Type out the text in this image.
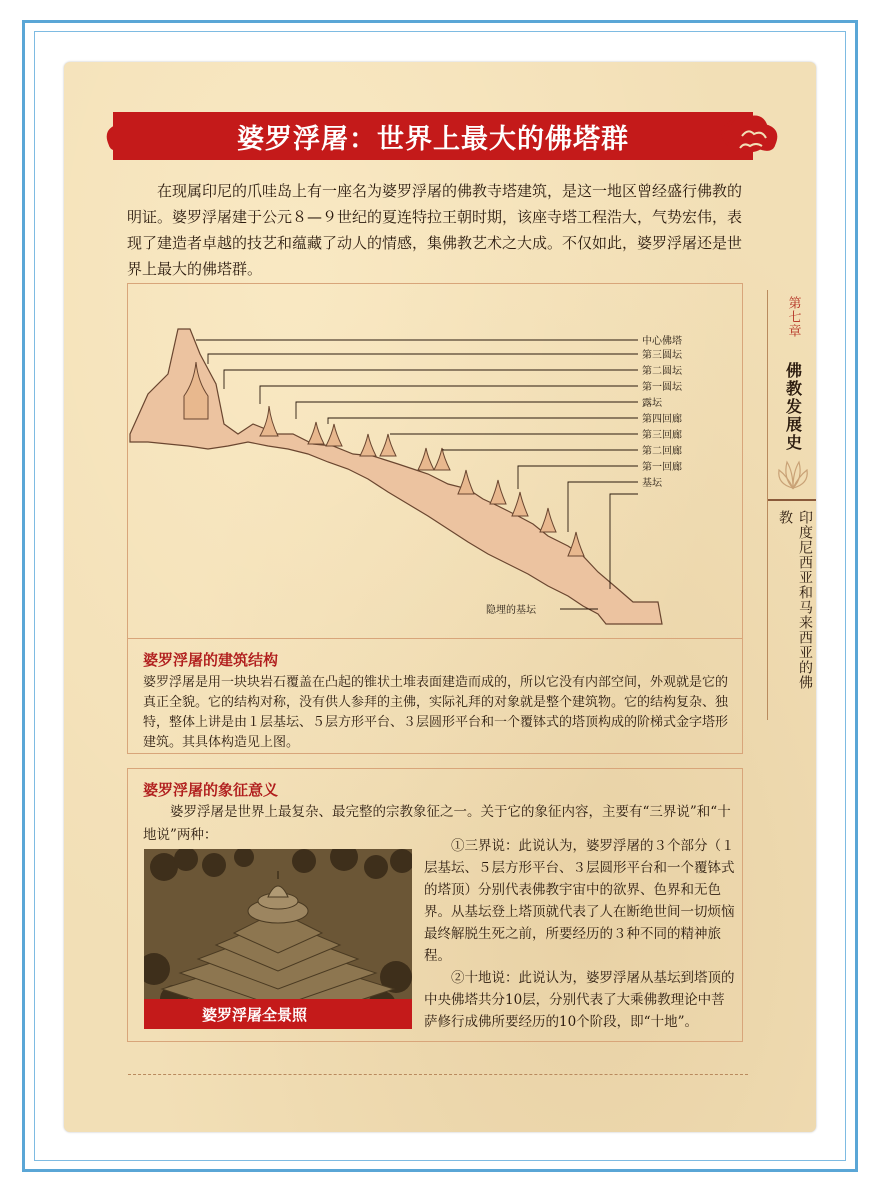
婆罗浮屠：世界上最大的佛塔群

在现属印尼的爪哇岛上有一座名为婆罗浮屠的佛教寺塔建筑，是这一地区曾经盛行佛教的明证。婆罗浮屠建于公元８—９世纪的夏连特拉王朝时期，该座寺塔工程浩大，气势宏伟，表现了建造者卓越的技艺和蕴藏了动人的情感，集佛教艺术之大成。不仅如此，婆罗浮屠还是世界上最大的佛塔群。

隐埋的基坛
中心佛塔
第三圆坛
第二圆坛
第一圆坛
露坛
第四回廊
第三回廊
第二回廊
第一回廊
基坛
第七章
佛教发展史
印度尼西亚和马来西亚的佛教
婆罗浮屠的建筑结构

婆罗浮屠是用一块块岩石覆盖在凸起的锥状土堆表面建造而成的，所以它没有内部空间，外观就是它的真正全貌。它的结构对称，没有供人参拜的主佛，实际礼拜的对象就是整个建筑物。它的结构复杂、独特，整体上讲是由１层基坛、５层方形平台、３层圆形平台和一个覆钵式的塔顶构成的阶梯式金字塔形建筑。其具体构造见上图。

婆罗浮屠的象征意义

婆罗浮屠是世界上最复杂、最完整的宗教象征之一。关于它的象征内容，主要有“三界说”和“十地说”两种：

婆罗浮屠全景照

①三界说：此说认为，婆罗浮屠的３个部分（１层基坛、５层方形平台、３层圆形平台和一个覆钵式的塔顶）分别代表佛教宇宙中的欲界、色界和无色界。从基坛登上塔顶就代表了人在断绝世间一切烦恼最终解脱生死之前，所要经历的３种不同的精神旅程。

②十地说：此说认为，婆罗浮屠从基坛到塔顶的中央佛塔共分10层，分别代表了大乘佛教理论中菩萨修行成佛所要经历的10个阶段，即“十地”。
